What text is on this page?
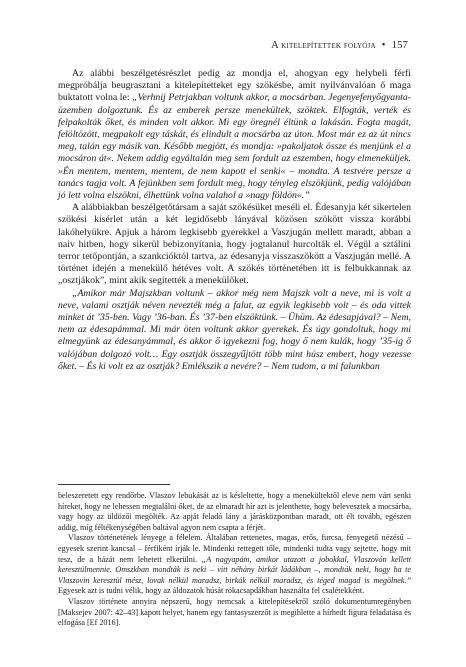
A kitelepítettek folyója • 157

Az alábbi beszélgetésrészlet pedig az mondja el, ahogyan egy helybeli férfi megpróbálja beugrasztani a kitelepítetteket egy szökésbe, amit nyilvánvalóan ő maga buktatott volna le: „Verhnij Petrjakban voltunk akkor, a mocsárban. Jegenyefenyőgyanta-üzemben dolgoztunk. És az emberek persze menekültek, szöktek. Elfogták, verték és felpakolták őket, és minden volt akkor. Mi egy öregnél éltünk a lakásán. Fogta magát, felöltözött, megpakolt egy táskát, és elindult a mocsárba az úton. Most már ez az út nincs meg, talán egy másik van. Később megjött, és mondja: »pakoljatok össze és menjünk el a mocsáron át«. Nekem addig egyáltalán meg sem fordult az eszemben, hogy elmeneküljek. »Én mentem, mentem, mentem, de nem kapott el senki« – mondta. A testvére persze a tanács tagja volt. A fejünkben sem fordult meg, hogy tényleg elszökjünk, pedig valójában jó lett volna elszökni, élhettünk volna valahol a »nagy földön«.”

A alábbiakban beszélgetőtársam a saját szökésüket meséli el. Édesanyja két sikertelen szökési kísérlet után a két legidősebb lányával közösen szökött vissza korábbi lakóhelyükre. Apjuk a három legkisebb gyerekkel a Vaszjugán mellett maradt, abban a naiv hitben, hogy sikerül bebizonyítania, hogy jogtalanul hurcolták el. Végül a sztálini terror tetőpontján, a szankcióktól tartva, az édesanyja visszaszökött a Vaszjugán mellé. A történet idején a menekülő hétéves volt. A szökés történetében itt is felbukkannak az „osztjákok”, mint akik segítették a menekülőket.

„Amikor már Majszkban voltunk – akkor még nem Majszk volt a neve, mi is volt a neve, valami osztják néven nevezték még a falut, az egyik legkisebb volt – és oda vittek minket át ’35-ben. Vagy ’36-ban. És ’37-ben elszöktünk. – Ühüm. Az édesapjával? – Nem, nem az édesapámmal. Mi már öten voltunk akkor gyerekek. És úgy gondoltuk, hogy mi elmegyünk az édesanyámmal, és akkor ő igyekezni fog, hogy ő nem kulák, hogy ’35-ig ő valójában dolgozó volt… Egy osztják összegyűjtött több mint húsz embert, hogy vezesse őket. – És ki volt ez az osztják? Emlékszik a nevére? – Nem tudom, a mi falunkban

beleszeretett egy rendőrbe. Vlaszov lebukását az is késleltette, hogy a menekültektől eleve nem várt senki híreket, hogy ne lehessen megtalálni őket, de az elmaradt hír azt is jelenthette, hogy belevesztek a mocsárba, vagy hogy az üldözői megölték. Az apját feladó lány a járásközpontban maradt, ott élt tovább, egészen addig, míg féltékenységében baltával agyon nem csapta a férjét.

Vlaszov történetének lényege a félelem. Általában rettenetes, magas, erős, furcsa, fenyegető nézésű – egyesek szerint kancsal – férfiként írják le. Mindenki rettegett tőle, mindenki tudta vagy sejtette, hogy mit tesz, de a házát nem lehetett elkerülni. „A nagyapám, amikor utazott a jobokkal, Vlaszovón kellett keresztülmennie. Omszkban mondták is neki – vitt néhány birkát ládákban –, mondták neki, hogy ha te Vlaszovin keresztül mész, lovak nélkül maradsz, birkák nélkül maradsz, és téged magad is megölnek.” Egyesek azt is tudni vélik, hogy az áldozatok húsát rókacsapdákban használta fel csalétekként.

Vlaszov története annyira népszerű, hogy nemcsak a kitelepítésekről szóló dokumentumregényben [Maksejev 2007: 42–43] kapott helyet, hanem egy fantasyszerzőt is megihlette a hírhedt figura feladatása és elfogása [Ef 2016].
